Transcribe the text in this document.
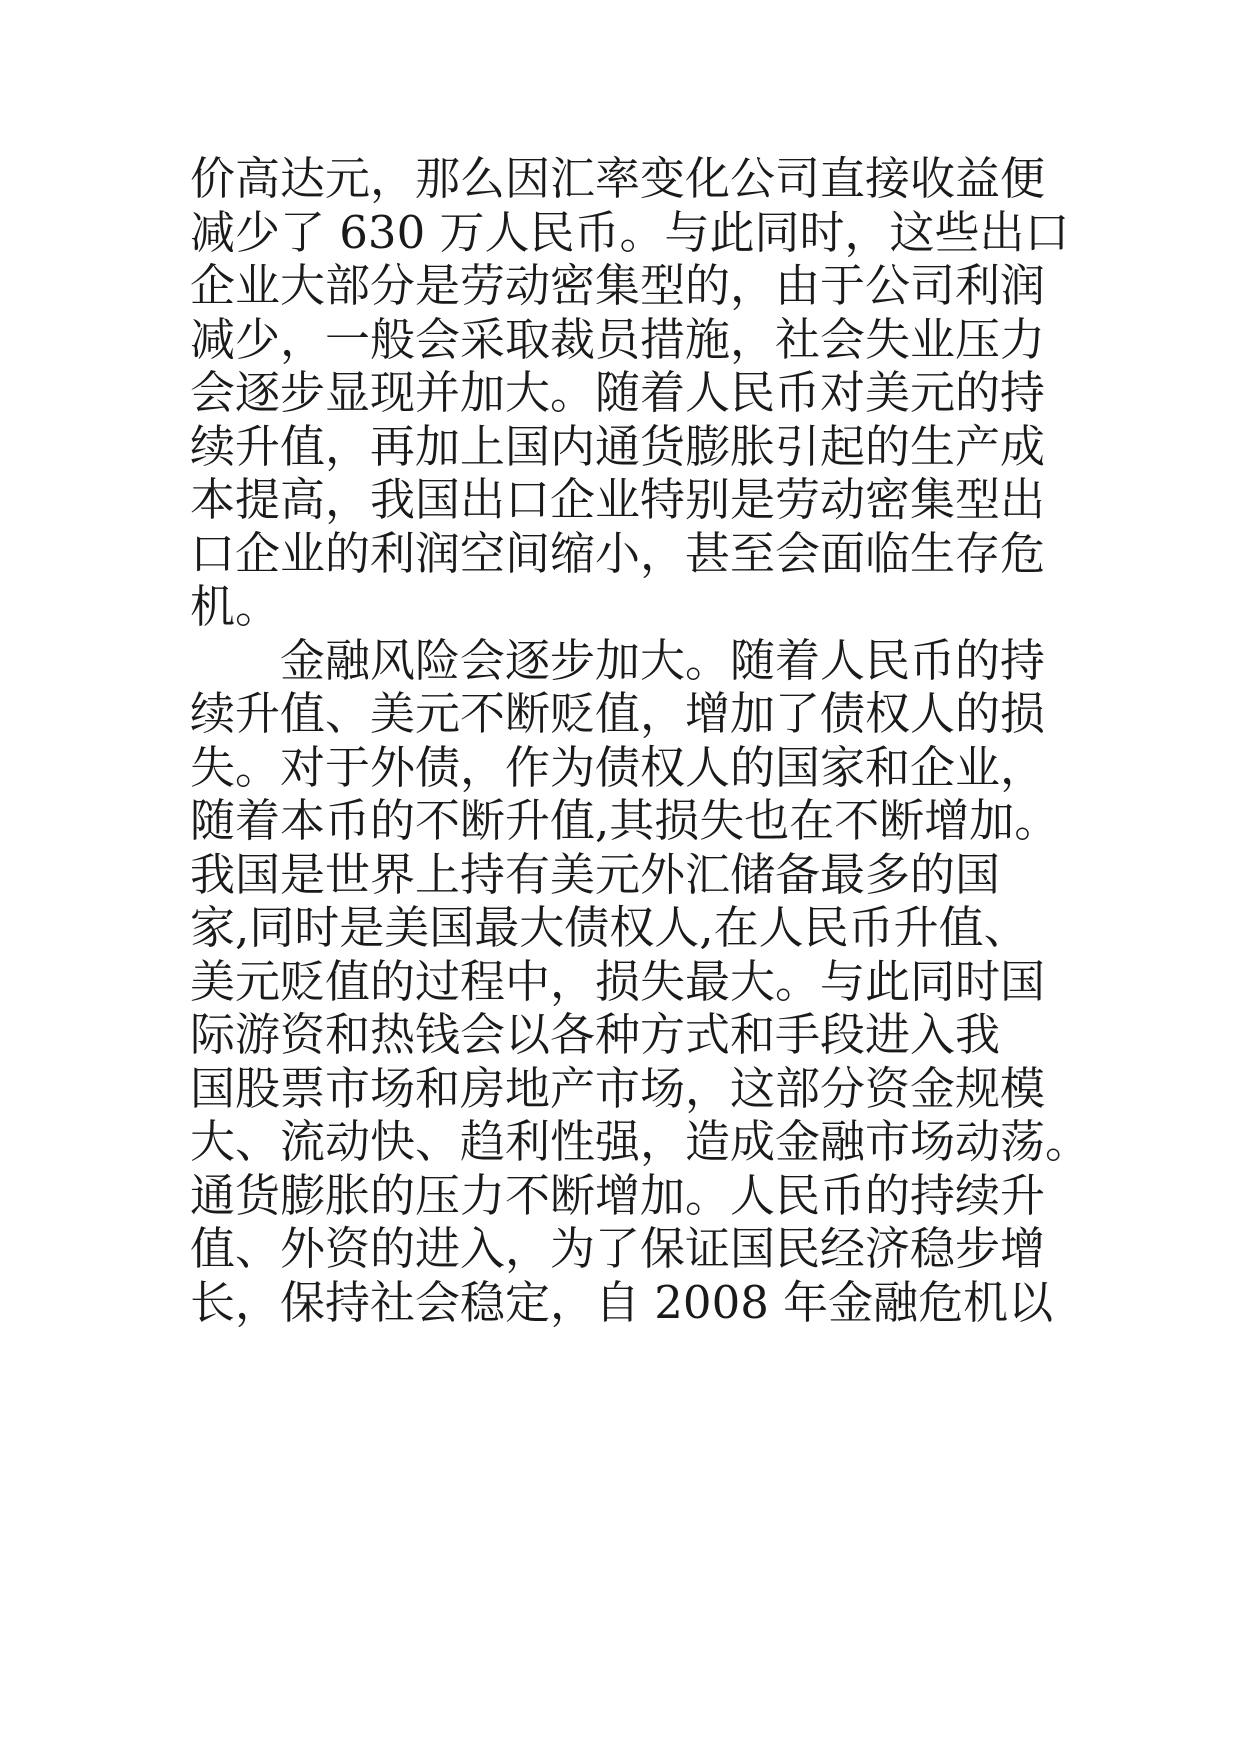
价高达元，那么因汇率变化公司直接收益便
减少了 630 万人民币。与此同时，这些出口
企业大部分是劳动密集型的，由于公司利润
减少，一般会采取裁员措施，社会失业压力
会逐步显现并加大。随着人民币对美元的持
续升值，再加上国内通货膨胀引起的生产成
本提高，我国出口企业特别是劳动密集型出
口企业的利润空间缩小，甚至会面临生存危
机。
金融风险会逐步加大。随着人民币的持
续升值、美元不断贬值，增加了债权人的损
失。对于外债，作为债权人的国家和企业，
随着本币的不断升值,其损失也在不断增加。
我国是世界上持有美元外汇储备最多的国
家,同时是美国最大债权人,在人民币升值、
美元贬值的过程中，损失最大。与此同时国
际游资和热钱会以各种方式和手段进入我
国股票市场和房地产市场，这部分资金规模
大、流动快、趋利性强，造成金融市场动荡。
通货膨胀的压力不断增加。人民币的持续升
值、外资的进入，为了保证国民经济稳步增
长，保持社会稳定，自 2008 年金融危机以
